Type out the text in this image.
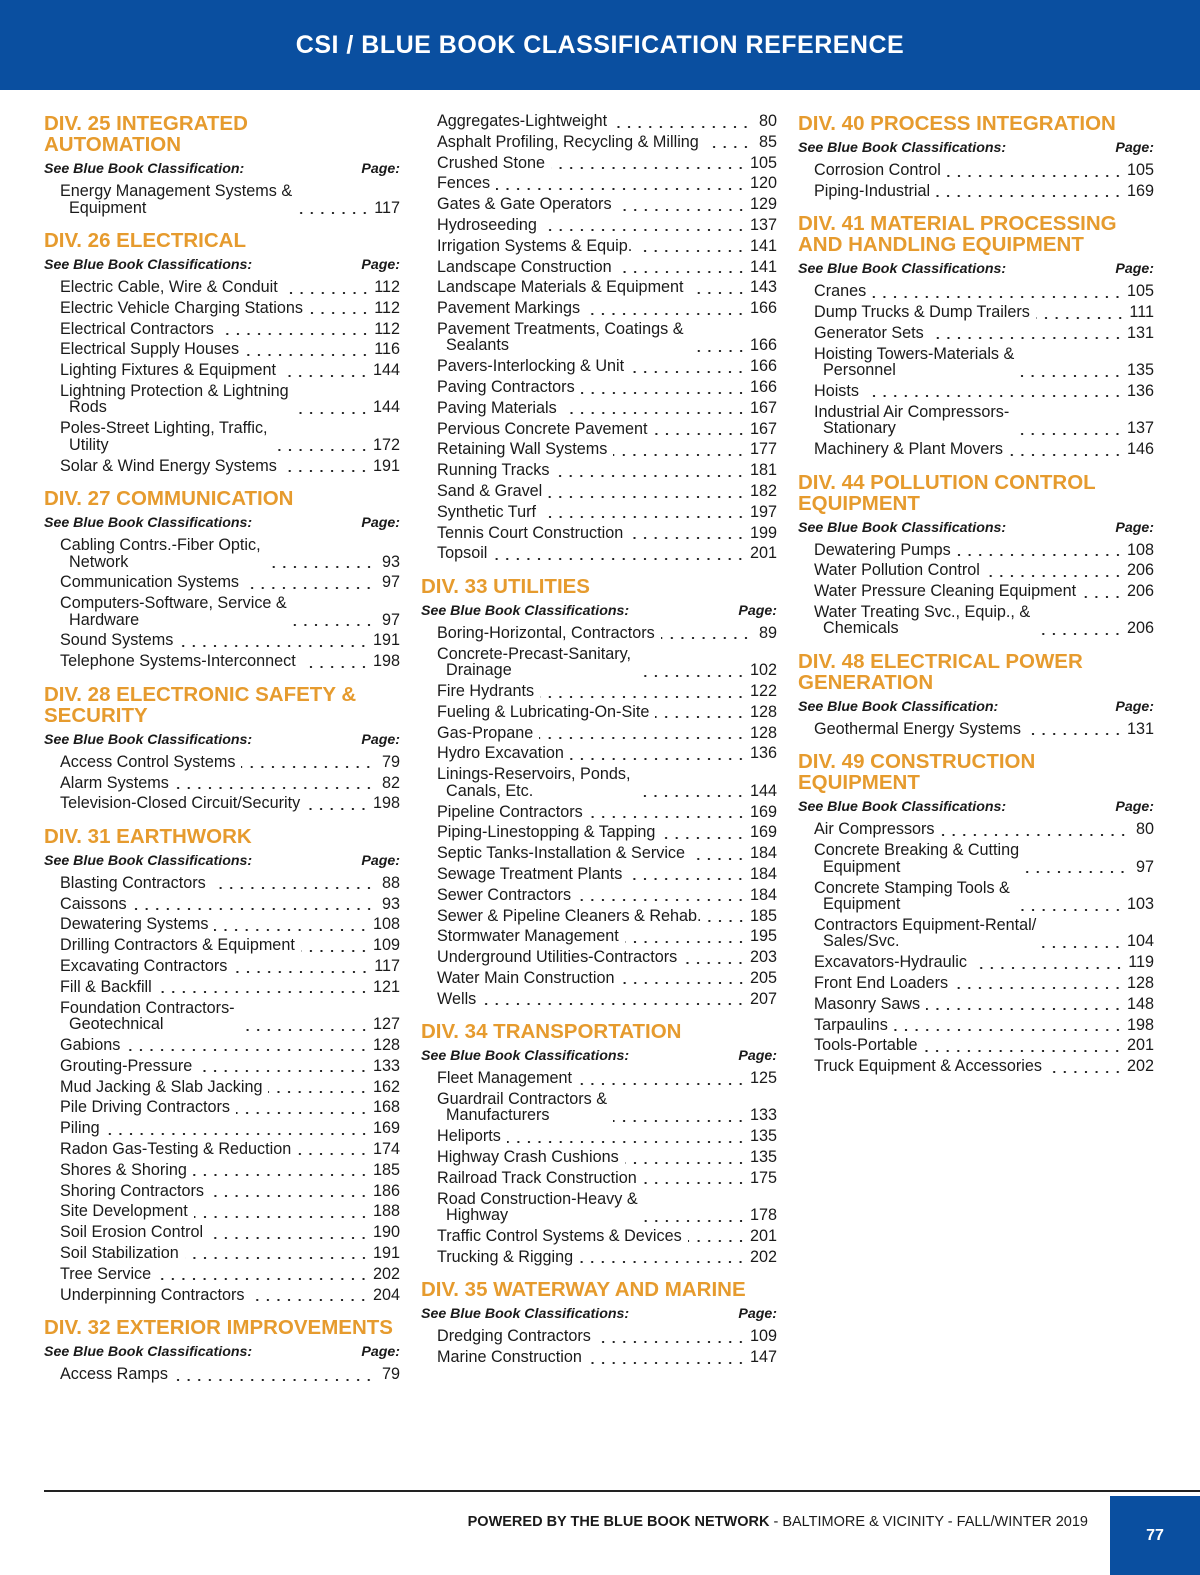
CSI / BLUE BOOK CLASSIFICATION REFERENCE
DIV. 25 INTEGRATED
AUTOMATION
See Blue Book Classification:	Page:
Energy Management Systems &
Equipment	117
DIV. 26 ELECTRICAL
See Blue Book Classifications:	Page:
Electric Cable, Wire & Conduit	112
Electric Vehicle Charging Stations	112
Electrical Contractors	112
Electrical Supply Houses	116
Lighting Fixtures & Equipment	144
Lightning Protection & Lightning
Rods	144
Poles-Street Lighting, Traffic,
Utility	172
Solar & Wind Energy Systems	191
DIV. 27 COMMUNICATION
See Blue Book Classifications:	Page:
Cabling Contrs.-Fiber Optic,
Network	93
Communication Systems	97
Computers-Software, Service &
Hardware	97
Sound Systems	191
Telephone Systems-Interconnect	198
DIV. 28 ELECTRONIC SAFETY &
SECURITY
See Blue Book Classifications:	Page:
Access Control Systems	79
Alarm Systems	82
Television-Closed Circuit/Security	198
DIV. 31 EARTHWORK
See Blue Book Classifications:	Page:
Blasting Contractors	88
Caissons	93
Dewatering Systems	108
Drilling Contractors & Equipment	109
Excavating Contractors	117
Fill & Backfill	121
Foundation Contractors-
Geotechnical	127
Gabions	128
Grouting-Pressure	133
Mud Jacking & Slab Jacking	162
Pile Driving Contractors	168
Piling	169
Radon Gas-Testing & Reduction	174
Shores & Shoring	185
Shoring Contractors	186
Site Development	188
Soil Erosion Control	190
Soil Stabilization	191
Tree Service	202
Underpinning Contractors	204
DIV. 32 EXTERIOR IMPROVEMENTS
See Blue Book Classifications:	Page:
Access Ramps	79
Aggregates-Lightweight	80
Asphalt Profiling, Recycling & Milling	85
Crushed Stone	105
Fences	120
Gates & Gate Operators	129
Hydroseeding	137
Irrigation Systems & Equip.	141
Landscape Construction	141
Landscape Materials & Equipment	143
Pavement Markings	166
Pavement Treatments, Coatings &
Sealants	166
Pavers-Interlocking & Unit	166
Paving Contractors	166
Paving Materials	167
Pervious Concrete Pavement	167
Retaining Wall Systems	177
Running Tracks	181
Sand & Gravel	182
Synthetic Turf	197
Tennis Court Construction	199
Topsoil	201
DIV. 33 UTILITIES
See Blue Book Classifications:	Page:
Boring-Horizontal, Contractors	89
Concrete-Precast-Sanitary,
Drainage	102
Fire Hydrants	122
Fueling & Lubricating-On-Site	128
Gas-Propane	128
Hydro Excavation	136
Linings-Reservoirs, Ponds,
Canals, Etc.	144
Pipeline Contractors	169
Piping-Linestopping & Tapping	169
Septic Tanks-Installation & Service	184
Sewage Treatment Plants	184
Sewer Contractors	184
Sewer & Pipeline Cleaners & Rehab.	185
Stormwater Management	195
Underground Utilities-Contractors	203
Water Main Construction	205
Wells	207
DIV. 34 TRANSPORTATION
See Blue Book Classifications:	Page:
Fleet Management	125
Guardrail Contractors &
Manufacturers	133
Heliports	135
Highway Crash Cushions	135
Railroad Track Construction	175
Road Construction-Heavy &
Highway	178
Traffic Control Systems & Devices	201
Trucking & Rigging	202
DIV. 35 WATERWAY AND MARINE
See Blue Book Classifications:	Page:
Dredging Contractors	109
Marine Construction	147
DIV. 40 PROCESS INTEGRATION
See Blue Book Classifications:	Page:
Corrosion Control	105
Piping-Industrial	169
DIV. 41 MATERIAL PROCESSING
AND HANDLING EQUIPMENT
See Blue Book Classifications:	Page:
Cranes	105
Dump Trucks & Dump Trailers	111
Generator Sets	131
Hoisting Towers-Materials &
Personnel	135
Hoists	136
Industrial Air Compressors-
Stationary	137
Machinery & Plant Movers	146
DIV. 44 POLLUTION CONTROL
EQUIPMENT
See Blue Book Classifications:	Page:
Dewatering Pumps	108
Water Pollution Control	206
Water Pressure Cleaning Equipment	206
Water Treating Svc., Equip., &
Chemicals	206
DIV. 48 ELECTRICAL POWER
GENERATION
See Blue Book Classification:	Page:
Geothermal Energy Systems	131
DIV. 49 CONSTRUCTION
EQUIPMENT
See Blue Book Classifications:	Page:
Air Compressors	80
Concrete Breaking & Cutting
Equipment	97
Concrete Stamping Tools &
Equipment	103
Contractors Equipment-Rental/
Sales/Svc.	104
Excavators-Hydraulic	119
Front End Loaders	128
Masonry Saws	148
Tarpaulins	198
Tools-Portable	201
Truck Equipment & Accessories	202
POWERED BY THE BLUE BOOK NETWORK - BALTIMORE & VICINITY - FALL/WINTER 2019
77
